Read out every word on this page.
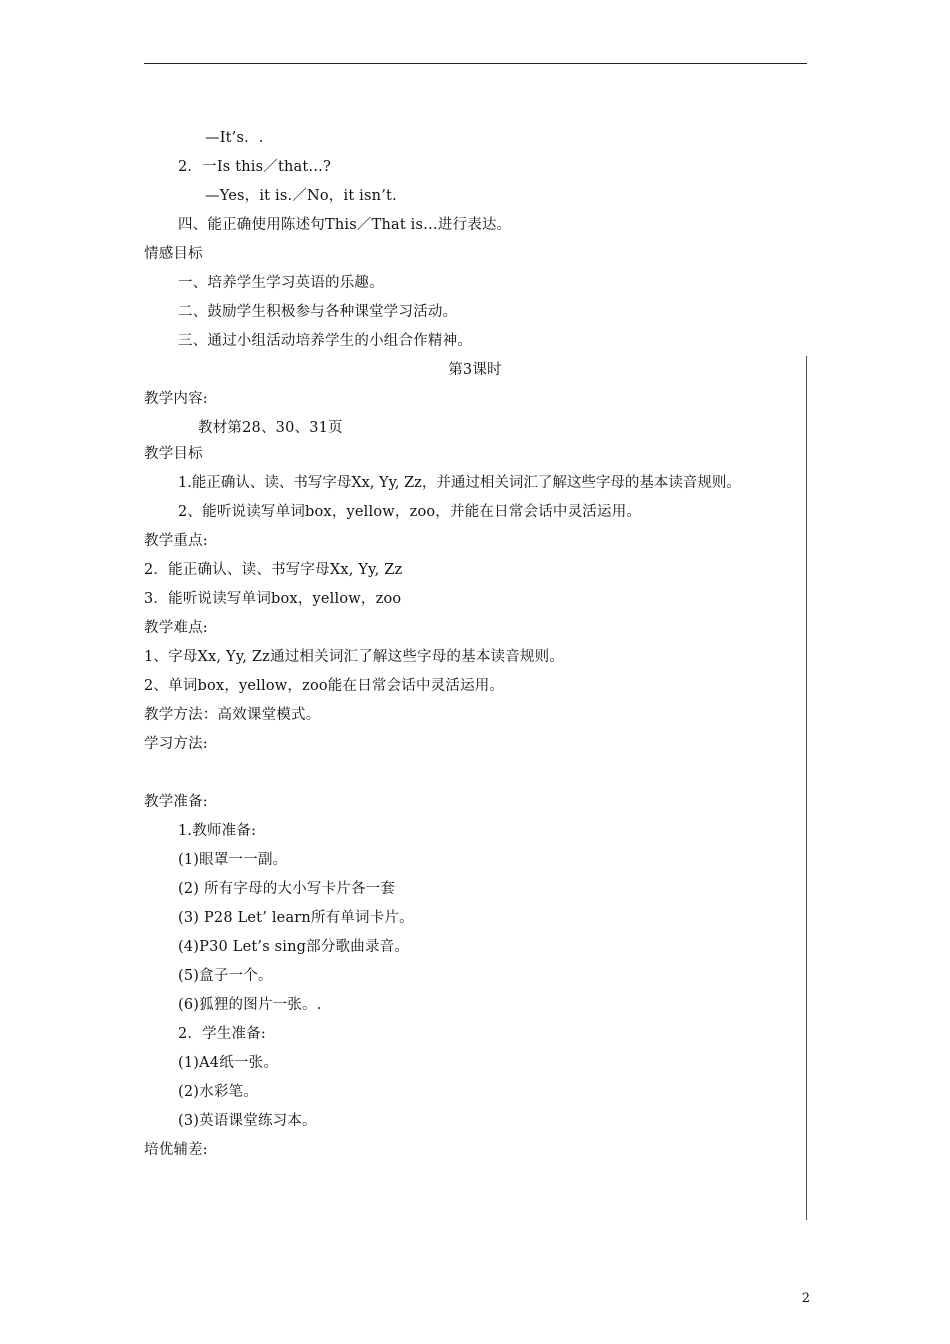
—It’s．.
2．一Is this／that…?
—Yes，it is.／No，it isn’t.
四、能正确使用陈述句This／That is…进行表达。
情感目标
一、培养学生学习英语的乐趣。
二、鼓励学生积极参与各种课堂学习活动。
三、通过小组活动培养学生的小组合作精神。
第3课时
教学内容:
教材第28、30、31页
教学目标
1.能正确认、读、书写字母Xx, Yy, Zz，并通过相关词汇了解这些字母的基本读音规则。
2、能听说读写单词box，yellow，zoo，并能在日常会话中灵活运用。
教学重点:
2．能正确认、读、书写字母Xx, Yy, Zz
3．能听说读写单词box，yellow，zoo
教学难点:
1、字母Xx, Yy, Zz通过相关词汇了解这些字母的基本读音规则。
2、单词box，yellow，zoo能在日常会话中灵活运用。
教学方法：高效课堂模式。
学习方法:
教学准备:
1.教师准备:
(1)眼罩一一副。
(2) 所有字母的大小写卡片各一套
(3) P28 Let’ learn所有单词卡片。
(4)P30 Let’s sing部分歌曲录音。
(5)盒子一个。
(6)狐狸的图片一张。.
2．学生准备:
(1)A4纸一张。
(2)水彩笔。
(3)英语课堂练习本。
培优辅差:
2
